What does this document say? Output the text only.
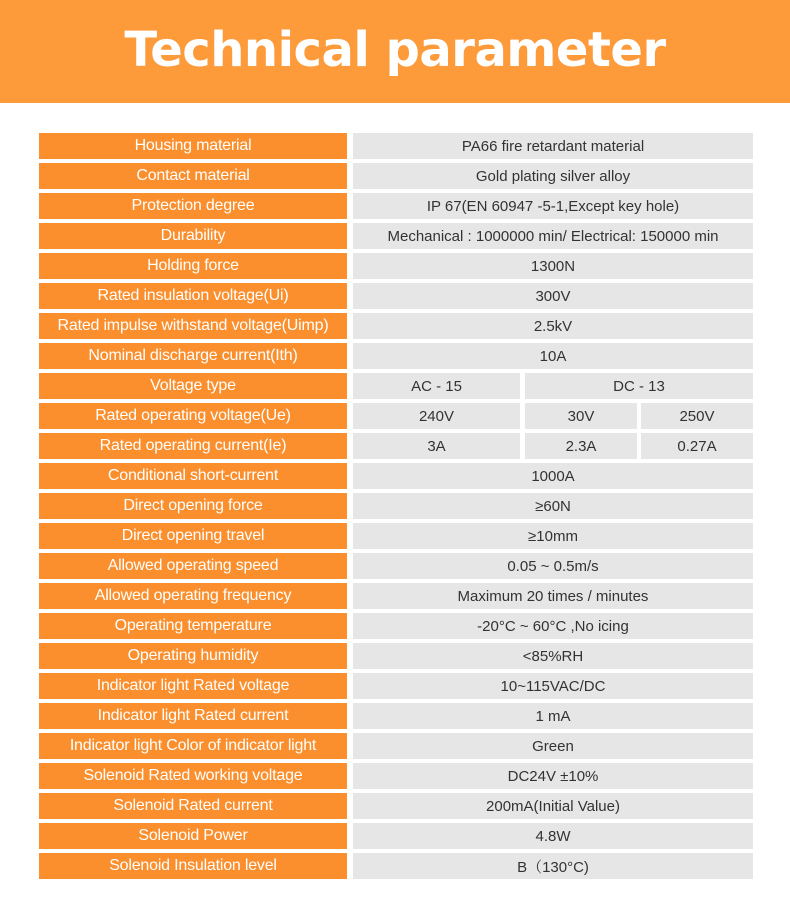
Technical parameter
Housing material	PA66 fire retardant material
Contact material	Gold plating silver alloy
Protection degree	IP 67(EN 60947 -5-1,Except key hole)
Durability	Mechanical : 1000000 min/ Electrical: 150000 min
Holding force	1300N
Rated insulation voltage(Ui)	300V
Rated impulse withstand voltage(Uimp)	2.5kV
Nominal discharge current(Ith)	10A
Voltage type	AC - 15	DC - 13
Rated operating voltage(Ue)	240V	30V	250V
Rated operating current(Ie)	3A	2.3A	0.27A
Conditional short-current	1000A
Direct opening force	≥60N
Direct opening travel	≥10mm
Allowed operating speed	0.05 ~ 0.5m/s
Allowed operating frequency	Maximum 20 times / minutes
Operating temperature	-20°C ~ 60°C ,No icing
Operating humidity	<85%RH
Indicator light Rated voltage	10~115VAC/DC
Indicator light Rated current	1 mA
Indicator light Color of indicator light	Green
Solenoid Rated working voltage	DC24V ±10%
Solenoid Rated current	200mA(Initial Value)
Solenoid Power	4.8W
Solenoid Insulation level	B（130°C)
